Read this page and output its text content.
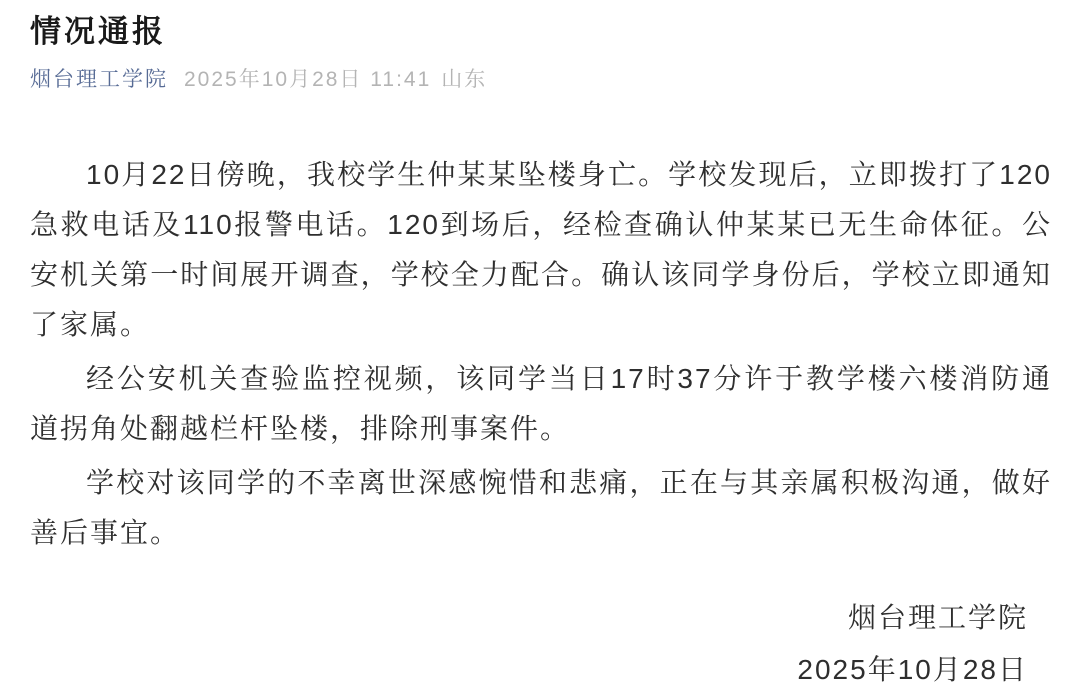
情况通报
烟台理工学院 2025年10月28日 11:41 山东

10月22日傍晚，我校学生仲某某坠楼身亡。学校发现后，立即拨打了120急救电话及110报警电话。120到场后，经检查确认仲某某已无生命体征。公安机关第一时间展开调查，学校全力配合。确认该同学身份后，学校立即通知了家属。

经公安机关查验监控视频，该同学当日17时37分许于教学楼六楼消防通道拐角处翻越栏杆坠楼，排除刑事案件。

学校对该同学的不幸离世深感惋惜和悲痛，正在与其亲属积极沟通，做好善后事宜。

烟台理工学院
2025年10月28日
